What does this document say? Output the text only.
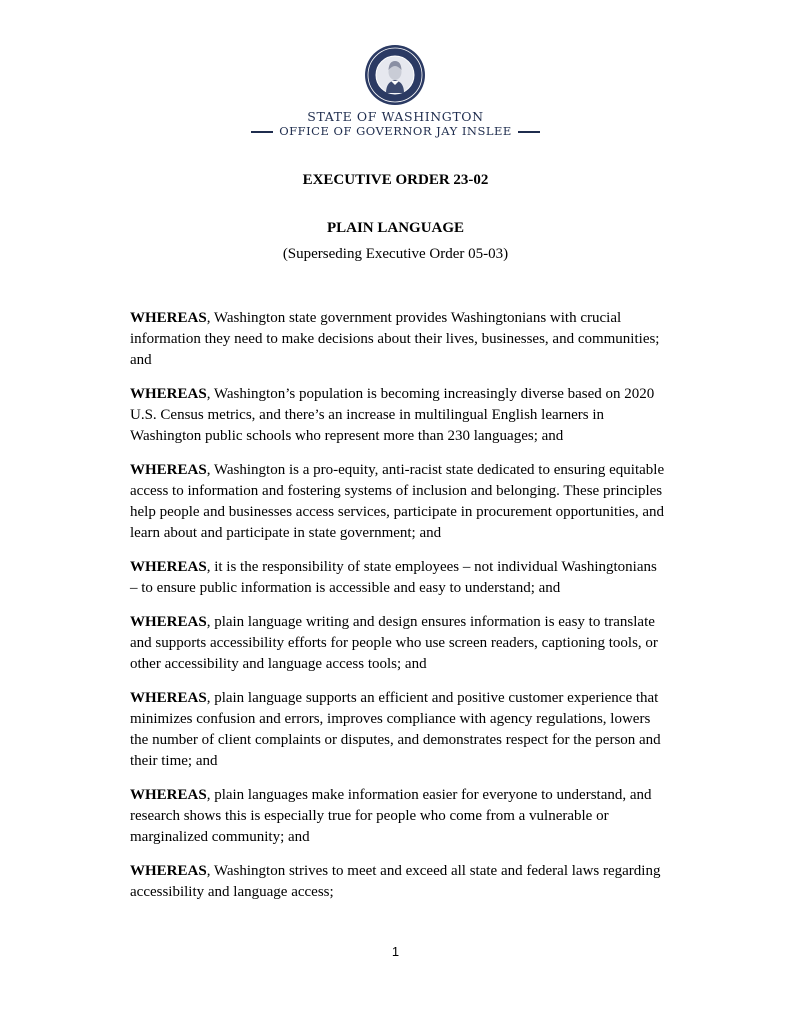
STATE OF WASHINGTON
OFFICE OF GOVERNOR JAY INSLEE
EXECUTIVE ORDER 23-02
PLAIN LANGUAGE
(Superseding Executive Order 05-03)

WHEREAS, Washington state government provides Washingtonians with crucial information they need to make decisions about their lives, businesses, and communities; and

WHEREAS, Washington’s population is becoming increasingly diverse based on 2020 U.S. Census metrics, and there’s an increase in multilingual English learners in Washington public schools who represent more than 230 languages; and

WHEREAS, Washington is a pro-equity, anti-racist state dedicated to ensuring equitable access to information and fostering systems of inclusion and belonging. These principles help people and businesses access services, participate in procurement opportunities, and learn about and participate in state government; and

WHEREAS, it is the responsibility of state employees – not individual Washingtonians – to ensure public information is accessible and easy to understand; and

WHEREAS, plain language writing and design ensures information is easy to translate and supports accessibility efforts for people who use screen readers, captioning tools, or other accessibility and language access tools; and

WHEREAS, plain language supports an efficient and positive customer experience that minimizes confusion and errors, improves compliance with agency regulations, lowers the number of client complaints or disputes, and demonstrates respect for the person and their time; and

WHEREAS, plain languages make information easier for everyone to understand, and research shows this is especially true for people who come from a vulnerable or marginalized community; and

WHEREAS, Washington strives to meet and exceed all state and federal laws regarding accessibility and language access;

1
